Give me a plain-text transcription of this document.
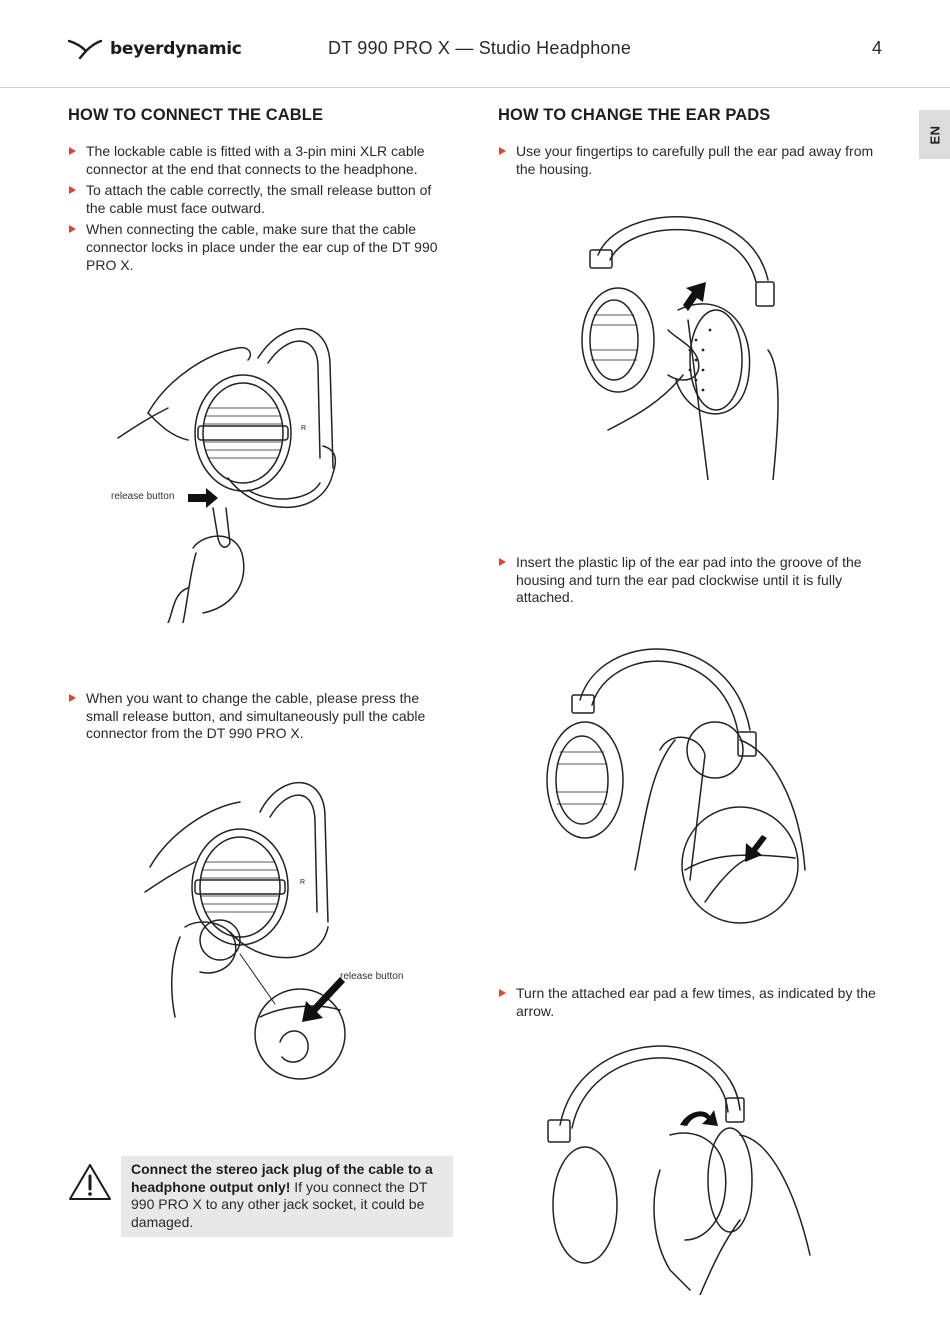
beyerdynamic	DT 990 PRO X — Studio Headphone	4
EN
HOW TO CONNECT THE CABLE
The lockable cable is fitted with a 3-pin mini XLR cable connector at the end that connects to the headphone.
To attach the cable correctly, the small release button of the cable must face outward.
When connecting the cable, make sure that the cable connector locks in place under the ear cup of the DT 990 PRO X.
R
release button
When you want to change the cable, please press the small release button, and simultaneously pull the cable connector from the DT 990 PRO X.
R
release button
Connect the stereo jack plug of the cable to a headphone output only! If you connect the DT 990 PRO X to any other jack socket, it could be damaged.
HOW TO CHANGE THE EAR PADS
Use your fingertips to carefully pull the ear pad away from the housing.
Insert the plastic lip of the ear pad into the groove of the housing and turn the ear pad clockwise until it is fully attached.
Turn the attached ear pad a few times, as indicated by the arrow.
